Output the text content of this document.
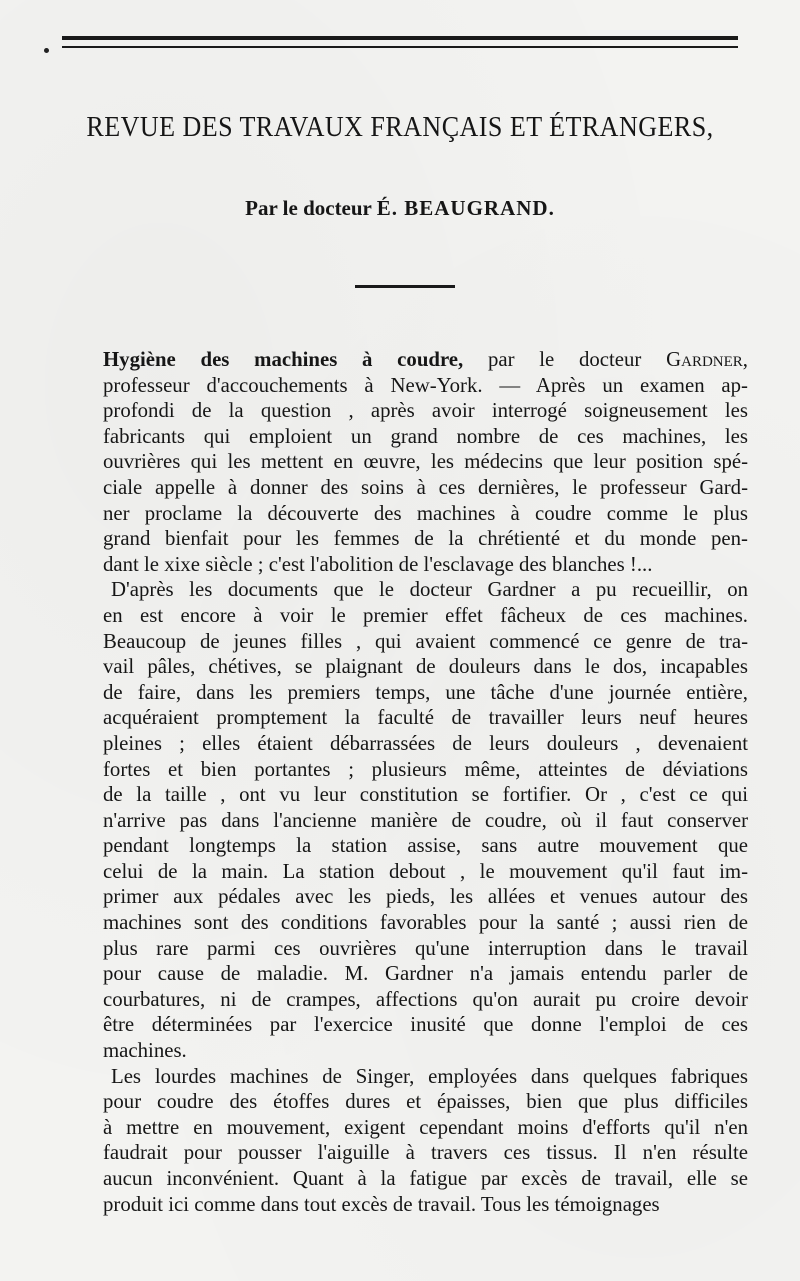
REVUE DES TRAVAUX FRANÇAIS ET ÉTRANGERS,
Par le docteur É. BEAUGRAND.
Hygiène des machines à coudre, par le docteur Gardner,
professeur d'accouchements à New-York. — Après un examen ap-
profondi de la question , après avoir interrogé soigneusement les
fabricants qui emploient un grand nombre de ces machines, les
ouvrières qui les mettent en œuvre, les médecins que leur position spé-
ciale appelle à donner des soins à ces dernières, le professeur Gard-
ner proclame la découverte des machines à coudre comme le plus
grand bienfait pour les femmes de la chrétienté et du monde pen-
dant le xixe siècle ; c'est l'abolition de l'esclavage des blanches !...
D'après les documents que le docteur Gardner a pu recueillir, on
en est encore à voir le premier effet fâcheux de ces machines.
Beaucoup de jeunes filles , qui avaient commencé ce genre de tra-
vail pâles, chétives, se plaignant de douleurs dans le dos, incapables
de faire, dans les premiers temps, une tâche d'une journée entière,
acquéraient promptement la faculté de travailler leurs neuf heures
pleines ; elles étaient débarrassées de leurs douleurs , devenaient
fortes et bien portantes ; plusieurs même, atteintes de déviations
de la taille , ont vu leur constitution se fortifier. Or , c'est ce qui
n'arrive pas dans l'ancienne manière de coudre, où il faut conserver
pendant longtemps la station assise, sans autre mouvement que
celui de la main. La station debout , le mouvement qu'il faut im-
primer aux pédales avec les pieds, les allées et venues autour des
machines sont des conditions favorables pour la santé ; aussi rien de
plus rare parmi ces ouvrières qu'une interruption dans le travail
pour cause de maladie. M. Gardner n'a jamais entendu parler de
courbatures, ni de crampes, affections qu'on aurait pu croire devoir
être déterminées par l'exercice inusité que donne l'emploi de ces
machines.
Les lourdes machines de Singer, employées dans quelques fabriques
pour coudre des étoffes dures et épaisses, bien que plus difficiles
à mettre en mouvement, exigent cependant moins d'efforts qu'il n'en
faudrait pour pousser l'aiguille à travers ces tissus. Il n'en résulte
aucun inconvénient. Quant à la fatigue par excès de travail, elle se
produit ici comme dans tout excès de travail. Tous les témoignages
